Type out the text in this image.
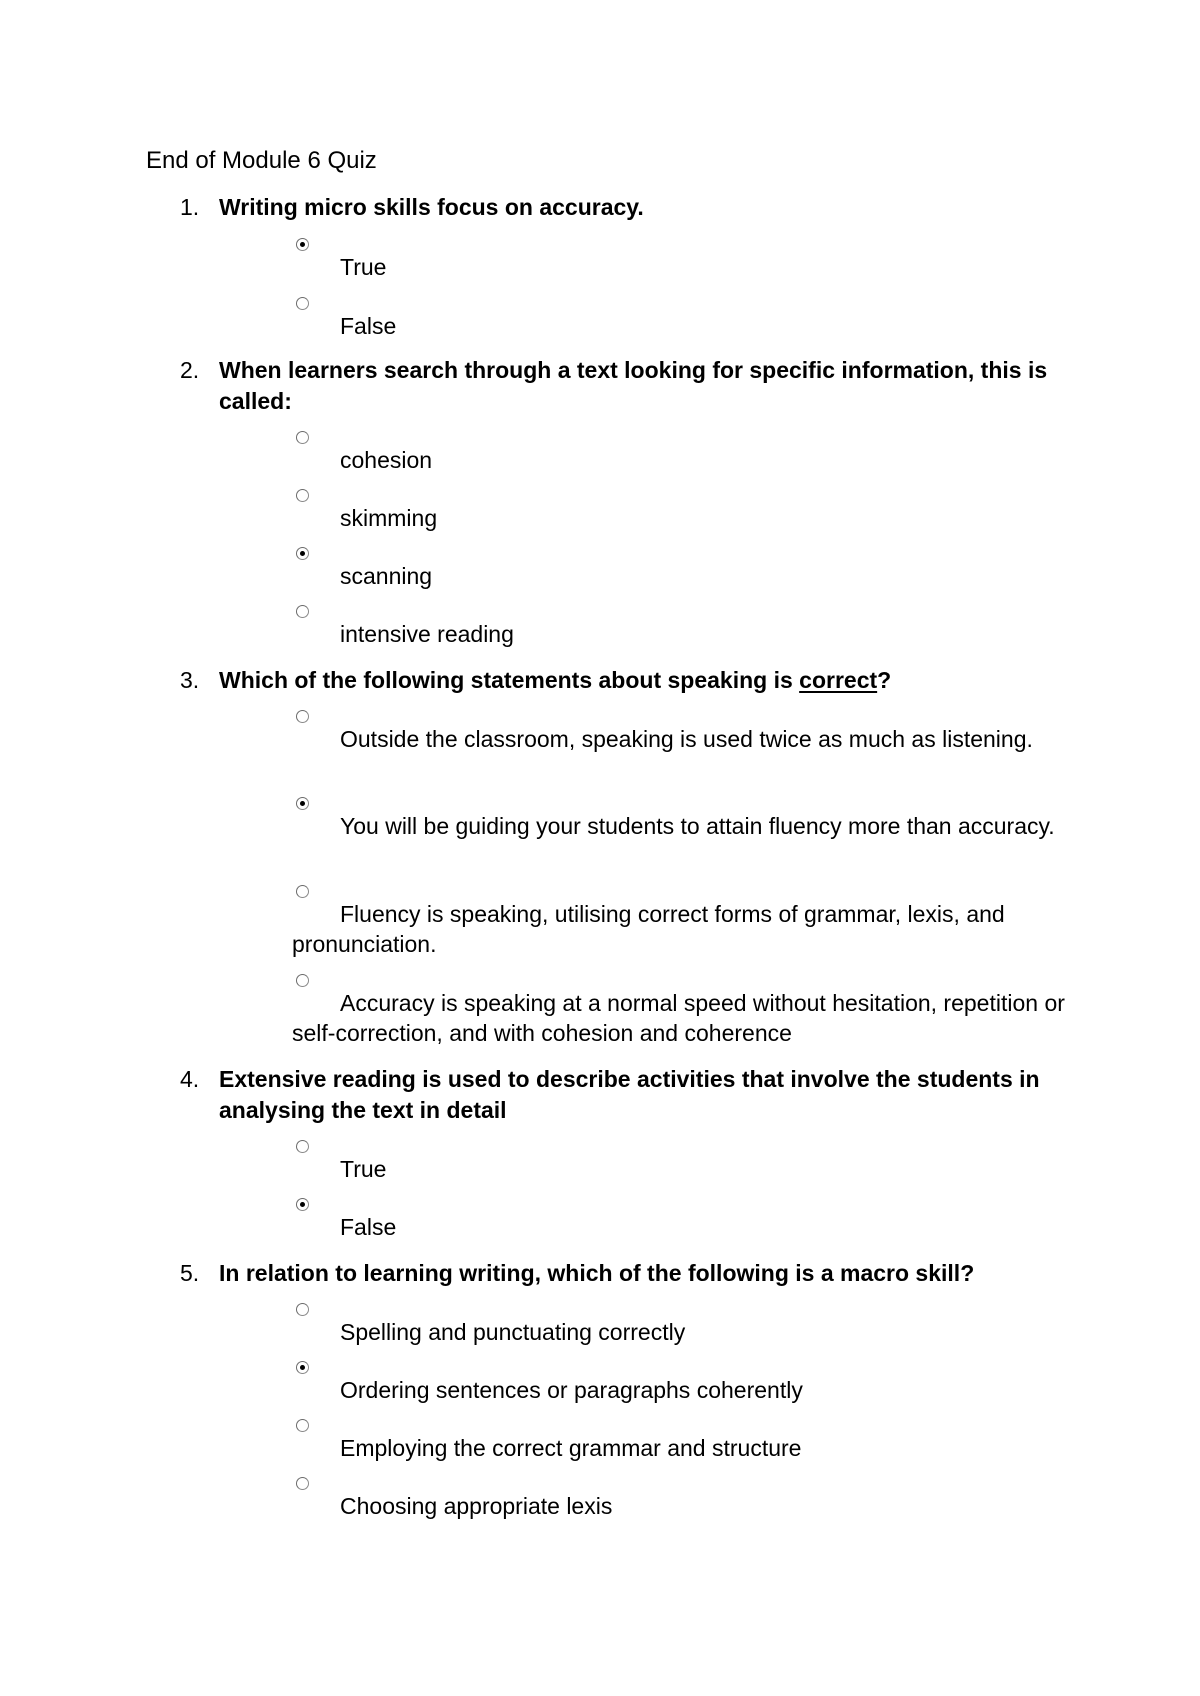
End of Module 6 Quiz
1. Writing micro skills focus on accuracy.
True
False
2. When learners search through a text looking for specific information, this is called:
cohesion
skimming
scanning
intensive reading
3. Which of the following statements about speaking is correct?
Outside the classroom, speaking is used twice as much as listening.
You will be guiding your students to attain fluency more than accuracy.
Fluency is speaking, utilising correct forms of grammar, lexis, and pronunciation.
Accuracy is speaking at a normal speed without hesitation, repetition or self-correction, and with cohesion and coherence
4. Extensive reading is used to describe activities that involve the students in analysing the text in detail
True
False
5. In relation to learning writing, which of the following is a macro skill?
Spelling and punctuating correctly
Ordering sentences or paragraphs coherently
Employing the correct grammar and structure
Choosing appropriate lexis
